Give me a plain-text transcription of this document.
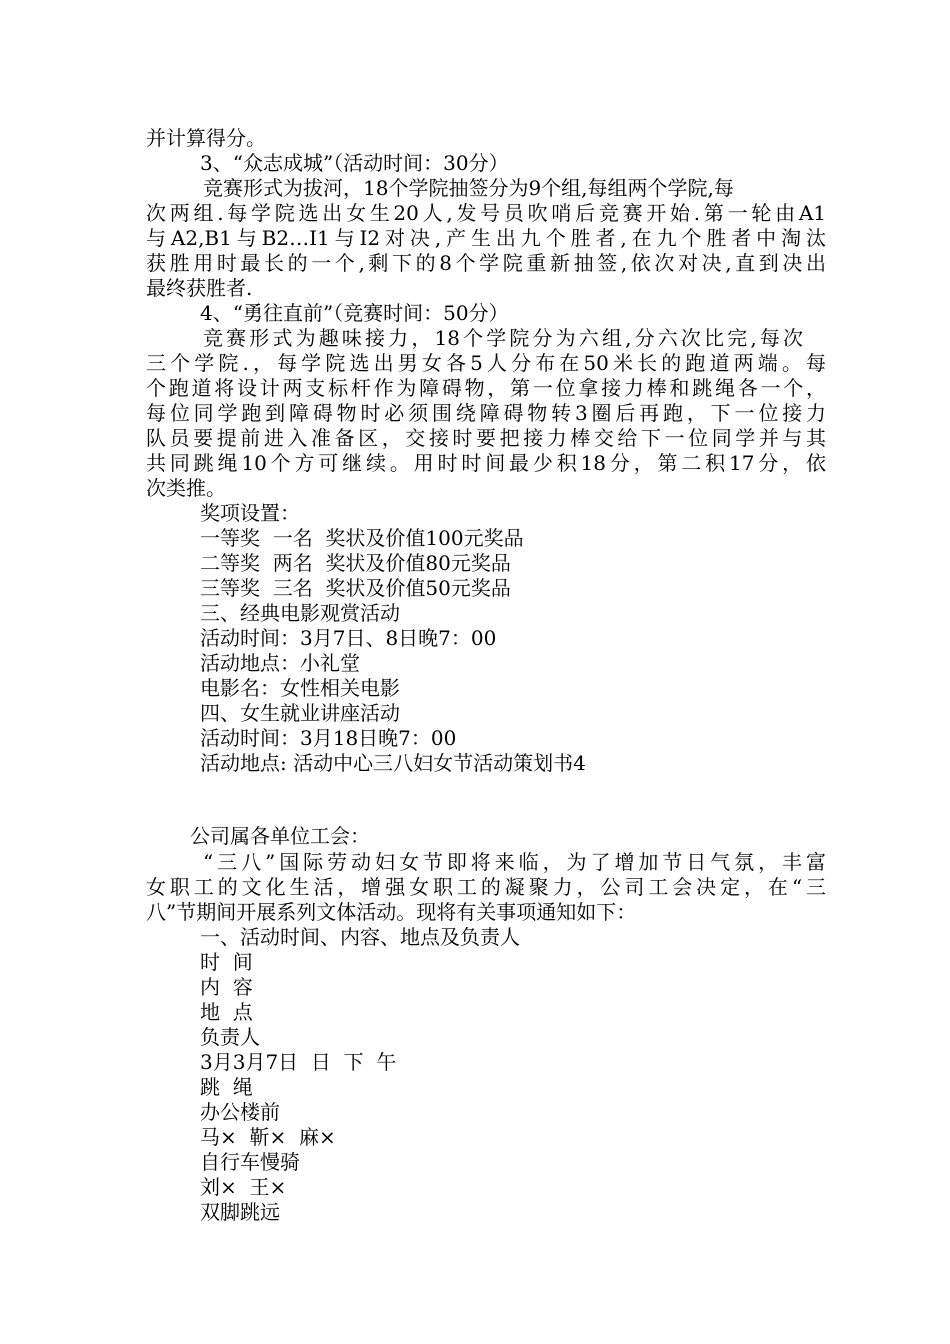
并计算得分。
3、“众志成城”（活动时间：30分）
竞赛形式为拔河，18个学院抽签分为9个组,每组两个学院,每
次两组.每学院选出女生20人,发号员吹哨后竞赛开始.第一轮由A1
与A2,B1与B2…I1与I2对决,产生出九个胜者,在九个胜者中淘汰
获胜用时最长的一个,剩下的8个学院重新抽签,依次对决,直到决出
最终获胜者.
4、“勇往直前”（竞赛时间：50分）
竞赛形式为趣味接力，18个学院分为六组,分六次比完,每次
三个学院.，每学院选出男女各5人分布在50米长的跑道两端。每
个跑道将设计两支标杆作为障碍物，第一位拿接力棒和跳绳各一个，
每位同学跑到障碍物时必须围绕障碍物转3圈后再跑，下一位接力
队员要提前进入准备区，交接时要把接力棒交给下一位同学并与其
共同跳绳10个方可继续。用时时间最少积18分，第二积17分，依
次类推。
奖项设置：
一等奖  一名  奖状及价值100元奖品
二等奖  两名  奖状及价值80元奖品
三等奖  三名  奖状及价值50元奖品
三、经典电影观赏活动
活动时间：3月7日、8日晚7：00
活动地点：小礼堂
电影名：女性相关电影
四、女生就业讲座活动
活动时间：3月18日晚7：00
活动地点: 活动中心三八妇女节活动策划书4
公司属各单位工会：
“三八”国际劳动妇女节即将来临，为了增加节日气氛，丰富
女职工的文化生活，增强女职工的凝聚力，公司工会决定，在“三
八”节期间开展系列文体活动。现将有关事项通知如下：
一、活动时间、内容、地点及负责人
时  间
内  容
地  点
负责人
3月3月7日  日  下  午
跳  绳
办公楼前
马×  靳×  麻×
自行车慢骑
刘×  王×
双脚跳远
